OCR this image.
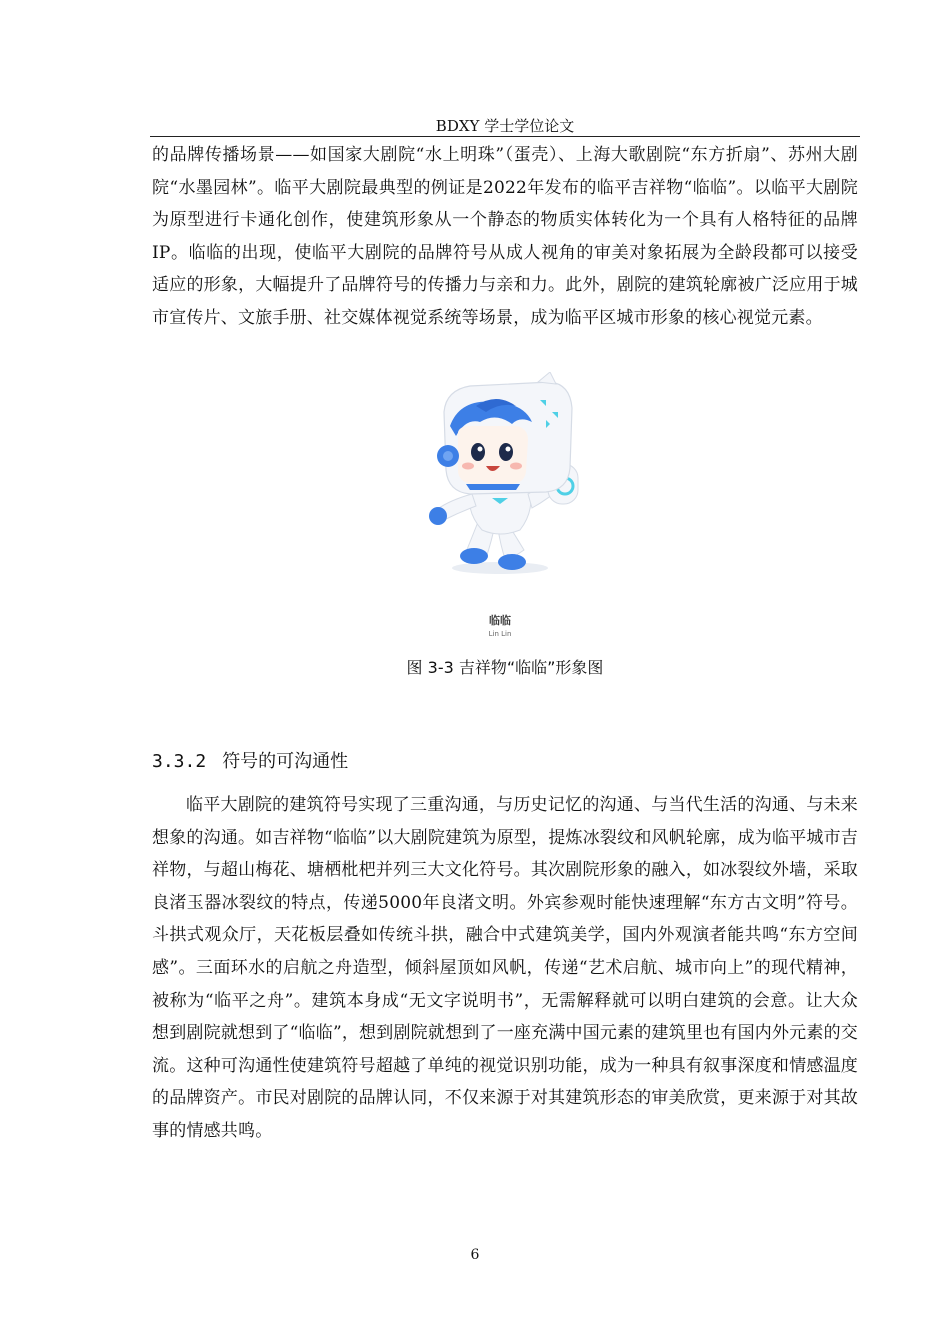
BDXY 学士学位论文

的品牌传播场景——如国家大剧院“水上明珠”（蛋壳）、上海大歌剧院“东方折扇”、苏州大剧院“水墨园林”。临平大剧院最典型的例证是2022年发布的临平吉祥物“临临”。以临平大剧院为原型进行卡通化创作，使建筑形象从一个静态的物质实体转化为一个具有人格特征的品牌IP。临临的出现，使临平大剧院的品牌符号从成人视角的审美对象拓展为全龄段都可以接受适应的形象，大幅提升了品牌符号的传播力与亲和力。此外，剧院的建筑轮廓被广泛应用于城市宣传片、文旅手册、社交媒体视觉系统等场景，成为临平区城市形象的核心视觉元素。

临临
Lin Lin
图 3-3 吉祥物“临临”形象图
3.3.2 符号的可沟通性

临平大剧院的建筑符号实现了三重沟通，与历史记忆的沟通、与当代生活的沟通、与未来想象的沟通。如吉祥物“临临”以大剧院建筑为原型，提炼冰裂纹和风帆轮廓，成为临平城市吉祥物，与超山梅花、塘栖枇杷并列三大文化符号。其次剧院形象的融入，如冰裂纹外墙，采取良渚玉器冰裂纹的特点，传递5000年良渚文明。外宾参观时能快速理解“东方古文明”符号。斗拱式观众厅，天花板层叠如传统斗拱，融合中式建筑美学，国内外观演者能共鸣“东方空间感”。三面环水的启航之舟造型，倾斜屋顶如风帆，传递“艺术启航、城市向上”的现代精神，被称为“临平之舟”。建筑本身成“无文字说明书”，无需解释就可以明白建筑的会意。让大众想到剧院就想到了“临临”，想到剧院就想到了一座充满中国元素的建筑里也有国内外元素的交流。这种可沟通性使建筑符号超越了单纯的视觉识别功能，成为一种具有叙事深度和情感温度的品牌资产。市民对剧院的品牌认同，不仅来源于对其建筑形态的审美欣赏，更来源于对其故事的情感共鸣。

6
